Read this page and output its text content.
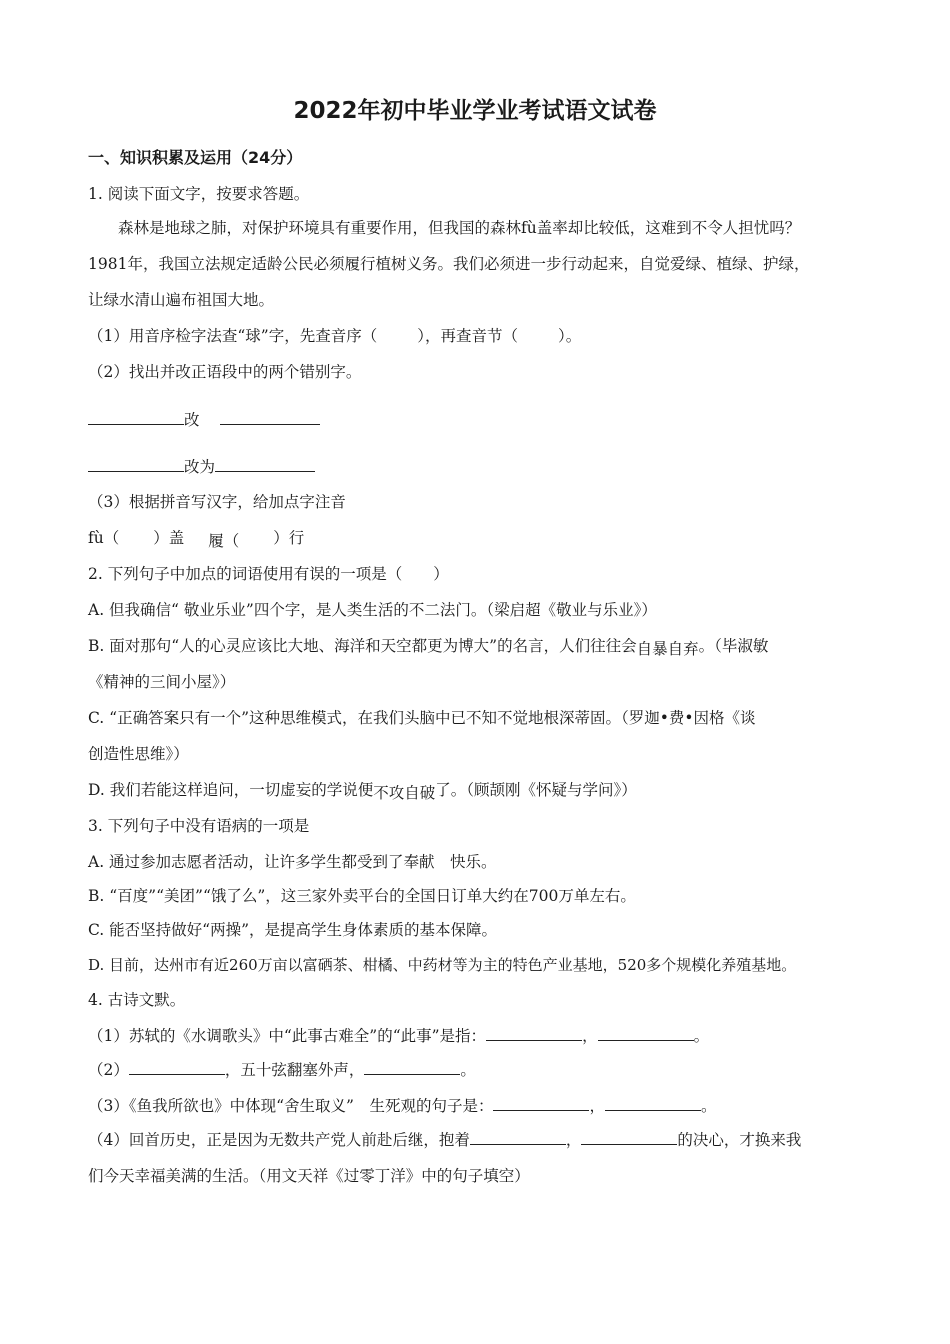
2022年初中毕业学业考试语文试卷
一、知识积累及运用（24分）
1. 阅读下面文字，按要求答题。
森林是地球之肺，对保护环境具有重要作用，但我国的森林fù盖率却比较低，这难到不令人担忧吗？
1981年，我国立法规定适龄公民必须履行植树义务。我们必须进一步行动起来，自觉爱绿、植绿、护绿，
让绿水清山遍布祖国大地。
（1）用音序检字法查“球”字，先查音序（	），再查音节（	）。
（2）找出并改正语段中的两个错别字。
改
改为
（3）根据拼音写汉字，给加点字注音
fù（ ）盖 履（ ）行
2. 下列句子中加点的词语使用有误的一项是（　　）
A. 但我确信“ 敬业乐业”四个字，是人类生活的不二法门。（梁启超《敬业与乐业》）
B. 面对那句“人的心灵应该比大地、海洋和天空都更为博大”的名言，人们往往会自暴自弃。（毕淑敏
《精神的三间小屋》）
C. “正确答案只有一个”这种思维模式，在我们头脑中已不知不觉地根深蒂固。（罗迦•费•因格《谈
创造性思维》）
D. 我们若能这样追问，一切虚妄的学说便不攻自破了。（顾颉刚《怀疑与学问》）
3. 下列句子中没有语病的一项是
A. 通过参加志愿者活动，让许多学生都受到了奉献　快乐。
B. “百度”“美团”“饿了么”，这三家外卖平台的全国日订单大约在700万单左右。
C. 能否坚持做好“两操”，是提高学生身体素质的基本保障。
D. 目前，达州市有近260万亩以富硒茶、柑橘、中药材等为主的特色产业基地，520多个规模化养殖基地。
4. 古诗文默。
（1）苏轼的《水调歌头》中“此事古难全”的“此事”是指：	，	。
（2）	，五十弦翻塞外声，	。
（3）《鱼我所欲也》中体现“舍生取义”　生死观的句子是：	，	。
（4）回首历史，正是因为无数共产党人前赴后继，抱着	，	的决心，才换来我
们今天幸福美满的生活。（用文天祥《过零丁洋》中的句子填空）
